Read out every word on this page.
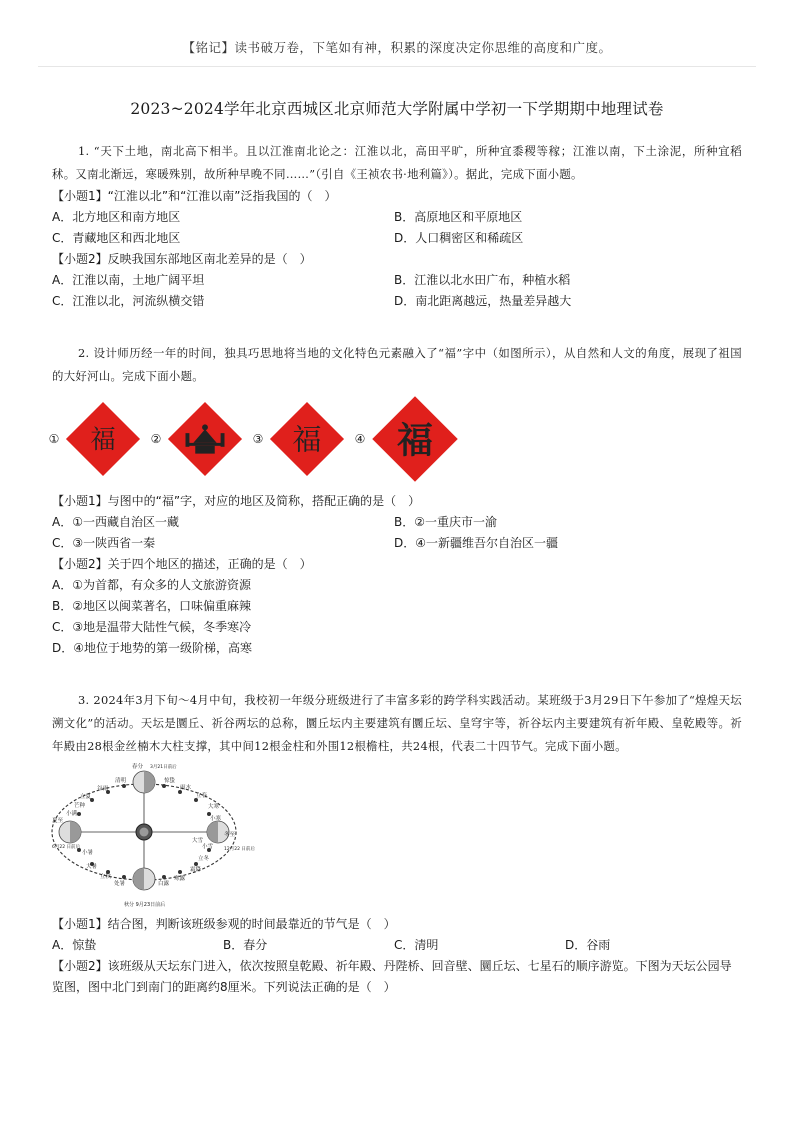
【铭记】读书破万卷，下笔如有神，积累的深度决定你思维的高度和广度。
2023~2024学年北京西城区北京师范大学附属中学初一下学期期中地理试卷

1. “天下土地，南北高下相半。且以江淮南北论之：江淮以北，高田平旷，所种宜黍稷等稼；江淮以南，下土涂泥，所种宜稻秫。又南北渐远，寒暖殊别，故所种早晚不同……”（引自《王祯农书·地利篇》）。据此，完成下面小题。

【小题1】“江淮以北”和“江淮以南”泛指我国的（　）
A．北方地区和南方地区	B．高原地区和平原地区
C．青藏地区和西北地区	D．人口稠密区和稀疏区
【小题2】反映我国东部地区南北差异的是（　）
A．江淮以南，土地广阔平坦	B．江淮以北水田广布，种植水稻
C．江淮以北，河流纵横交错	D．南北距离越远，热量差异越大

2. 设计师历经一年的时间，独具巧思地将当地的文化特色元素融入了“福”字中（如图所示），从自然和人文的角度，展现了祖国的大好河山。完成下面小题。

① 福	②	③ 福	④ 福
【小题1】与图中的“福”字，对应的地区及简称，搭配正确的是（　）
A．①一西藏自治区一藏	B．②一重庆市一渝
C．③一陕西省一秦	D．④一新疆维吾尔自治区一疆
【小题2】关于四个地区的描述，正确的是（　）
A．①为首都，有众多的人文旅游资源
B．②地区以闽菜著名，口味偏重麻辣
C．③地是温带大陆性气候，冬季寒冷
D．④地位于地势的第一级阶梯，高寒

3. 2024年3月下旬～4月中旬，我校初一年级分班级进行了丰富多彩的跨学科实践活动。某班级于3月29日下午参加了“煌煌天坛溯文化”的活动。天坛是圜丘、祈谷两坛的总称，圜丘坛内主要建筑有圜丘坛、皇穹宇等，祈谷坛内主要建筑有祈年殿、皇乾殿等。祈年殿由28根金丝楠木大柱支撑，其中间12根金柱和外围12根檐柱，共24根，代表二十四节气。完成下面小题。

春分 3月21日前后
夏至
6月22 日前后
秋分 9月23日前后
冬至
12月22 日前后
立夏
谷雨
清明	惊蛰
雨水
立春
大寒
小寒
小满
芒种
小暑
大暑
立秋
处暑	白露
寒露
霜降
立冬
小雪
大雪
【小题1】结合图，判断该班级参观的时间最靠近的节气是（　）
A．惊蛰	B．春分	C．清明	D．谷雨
【小题2】该班级从天坛东门进入，依次按照皇乾殿、祈年殿、丹陛桥、回音壁、圜丘坛、七星石的顺序游览。下图为天坛公园导览图，图中北门到南门的距离约8厘米。下列说法正确的是（　）
